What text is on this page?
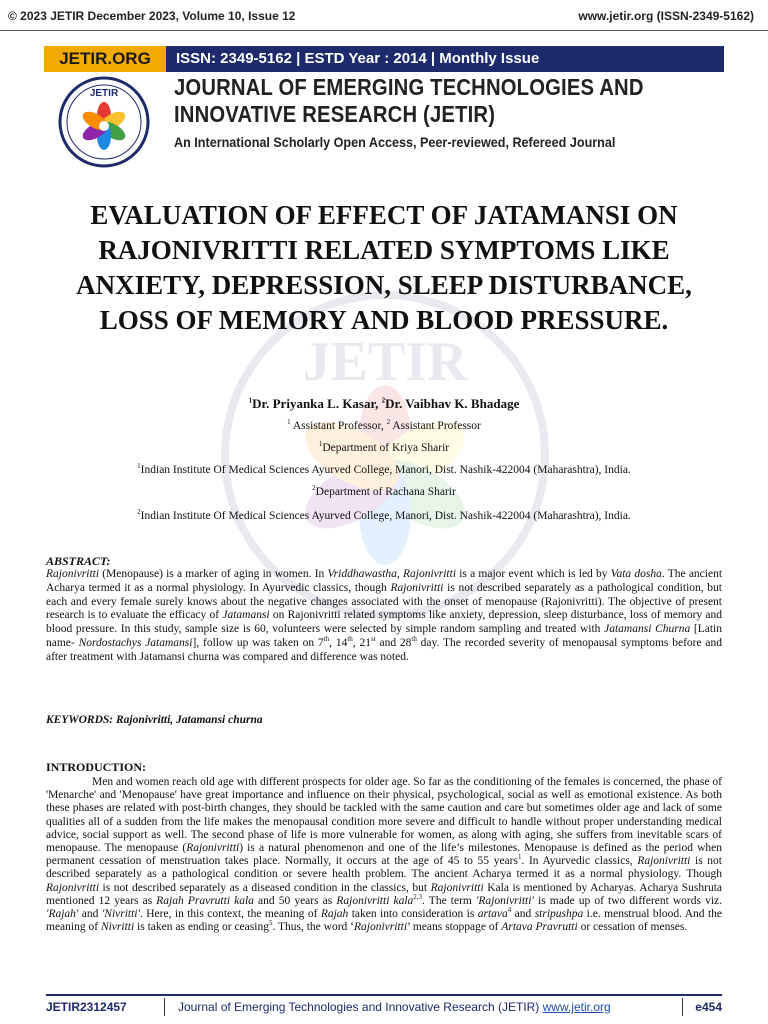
© 2023 JETIR December 2023, Volume 10, Issue 12	www.jetir.org (ISSN-2349-5162)
JETIR.ORG	ISSN: 2349-5162 | ESTD Year : 2014 | Monthly Issue
JETIR JOURNAL OF EMERGING TECHNOLOGIES AND
INNOVATIVE RESEARCH (JETIR)
An International Scholarly Open Access, Peer-reviewed, Refereed Journal
JETIR
EVALUATION OF EFFECT OF JATAMANSI ON RAJONIVRITTI RELATED SYMPTOMS LIKE ANXIETY, DEPRESSION, SLEEP DISTURBANCE, LOSS OF MEMORY AND BLOOD PRESSURE.
$^1$Dr. Priyanka L. Kasar, $^2$Dr. Vaibhav K. Bhadage
$^1$ Assistant Professor, $^2$ Assistant Professor
$^1$Department of Kriya Sharir
$^1$Indian Institute Of Medical Sciences Ayurved College, Manori, Dist. Nashik-422004 (Maharashtra), India.
$^2$Department of Rachana Sharir
$^2$Indian Institute Of Medical Sciences Ayurved College, Manori, Dist. Nashik-422004 (Maharashtra), India.
ABSTRACT:
Rajonivritti (Menopause) is a marker of aging in women. In Vriddhawastha, Rajonivritti is a major event which is led by Vata dosha. The ancient Acharya termed it as a normal physiology. In Ayurvedic classics, though Rajonivritti is not described separately as a pathological condition, but each and every female surely knows about the negative changes associated with the onset of menopause (Rajonivritti). The objective of present research is to evaluate the efficacy of Jatamansi on Rajonivritti related symptoms like anxiety, depression, sleep disturbance, loss of memory and blood pressure. In this study, sample size is 60, volunteers were selected by simple random sampling and treated with Jatamansi Churna [Latin name- Nordostachys Jatamansi], follow up was taken on 7th, 14th, 21st and 28th day. The recorded severity of menopausal symptoms before and after treatment with Jatamansi churna was compared and difference was noted.
KEYWORDS: Rajonivritti, Jatamansi churna
INTRODUCTION:

Men and women reach old age with different prospects for older age. So far as the conditioning of the females is concerned, the phase of 'Menarche' and 'Menopause' have great importance and influence on their physical, psychological, social as well as emotional existence. As both these phases are related with post-birth changes, they should be tackled with the same caution and care but sometimes older age and lack of some qualities all of a sudden from the life makes the menopausal condition more severe and difficult to handle without proper understanding medical advice, social support as well. The second phase of life is more vulnerable for women, as along with aging, she suffers from inevitable scars of menopause. The menopause (Rajonivritti) is a natural phenomenon and one of the life’s milestones. Menopause is defined as the period when permanent cessation of menstruation takes place. Normally, it occurs at the age of 45 to 55 years$^1$. In Ayurvedic classics, Rajonivritti is not described separately as a pathological condition or severe health problem. The ancient Acharya termed it as a normal physiology. Though Rajonivritti is not described separately as a diseased condition in the classics, but Rajonivritti Kala is mentioned by Acharyas. Acharya Sushruta mentioned 12 years as Rajah Pravrutti kala and 50 years as Rajonivritti kala$^{2,3}$. The term 'Rajonivritti' is made up of two different words viz. 'Rajah' and 'Nivritti'. Here, in this context, the meaning of Rajah taken into consideration is artava$^4$ and stripushpa i.e. menstrual blood. And the meaning of Nivritti is taken as ending or ceasing$^5$. Thus, the word ‘Rajonivritti’ means stoppage of Artava Pravrutti or cessation of menses.

JETIR2312457	Journal of Emerging Technologies and Innovative Research (JETIR) www.jetir.org	e454
